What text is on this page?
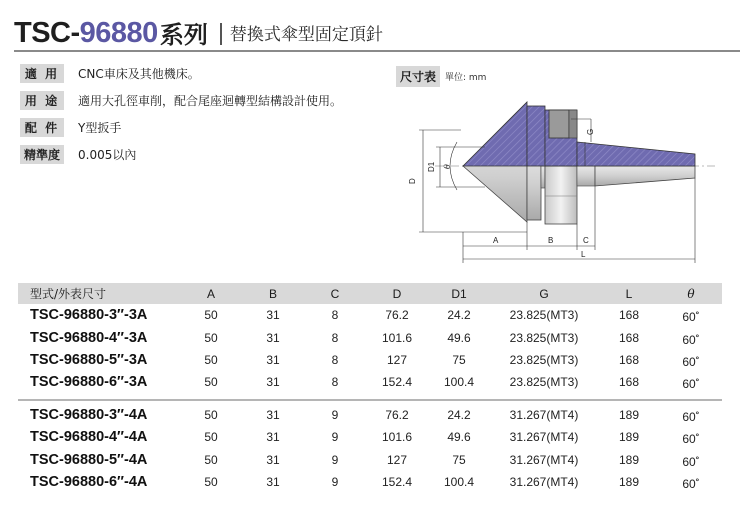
TSC- 96880 系列 替換式傘型固定頂針
適 用	CNC車床及其他機床。
用 途	適用大孔徑車削，配合尾座迴轉型結構設計使用。
配 件	Y型扳手
精準度	0.005以內
尺寸表	單位: mm
D
D1 θ
G
A	B	C
L
型式/外表尺寸	A	B	C	D	D1	G	L	θ
TSC-96880-3″-3A	50	31	8	76.2	24.2	23.825(MT3)	168	60˚
TSC-96880-4″-3A	50	31	8	101.6	49.6	23.825(MT3)	168	60˚
TSC-96880-5″-3A	50	31	8	127	75	23.825(MT3)	168	60˚
TSC-96880-6″-3A	50	31	8	152.4	100.4	23.825(MT3)	168	60˚

TSC-96880-3″-4A	50	31	9	76.2	24.2	31.267(MT4)	189	60˚
TSC-96880-4″-4A	50	31	9	101.6	49.6	31.267(MT4)	189	60˚
TSC-96880-5″-4A	50	31	9	127	75	31.267(MT4)	189	60˚
TSC-96880-6″-4A	50	31	9	152.4	100.4	31.267(MT4)	189	60˚
